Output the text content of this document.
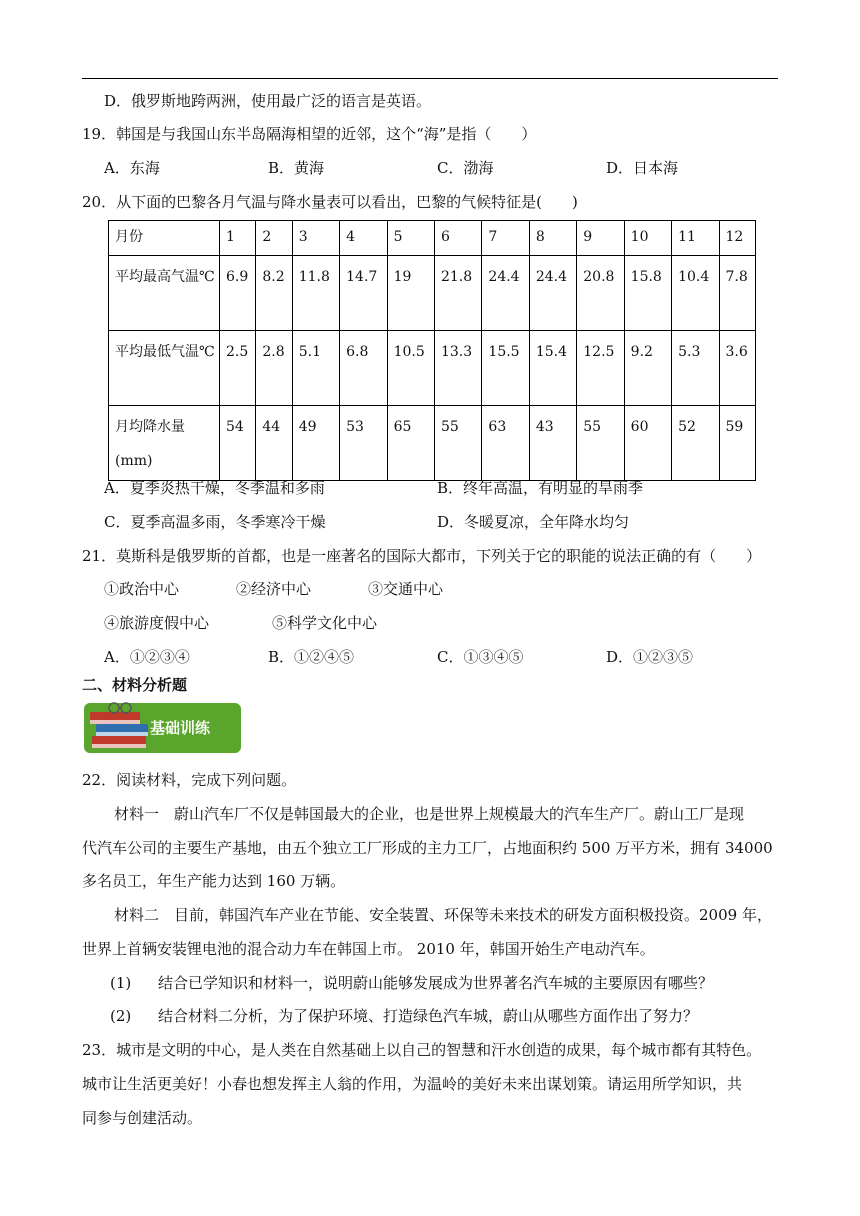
D．俄罗斯地跨两洲，使用最广泛的语言是英语。
19．韩国是与我国山东半岛隔海相望的近邻，这个“海”是指（　　）
A．东海	B．黄海	C．渤海	D．日本海
20．从下面的巴黎各月气温与降水量表可以看出，巴黎的气候特征是(　　)
月份	1	2	3	4	5	6	7	8	9	10	11	12
平均最高气温℃	6.9	8.2	11.8	14.7	19	21.8	24.4	24.4	20.8	15.8	10.4	7.8
平均最低气温℃	2.5	2.8	5.1	6.8	10.5	13.3	15.5	15.4	12.5	9.2	5.3	3.6
月均降水量(mm)	54	44	49	53	65	55	63	43	55	60	52	59
A．夏季炎热干燥，冬季温和多雨	B．终年高温，有明显的旱雨季
C．夏季高温多雨，冬季寒冷干燥	D．冬暖夏凉，全年降水均匀
21．莫斯科是俄罗斯的首都，也是一座著名的国际大都市，下列关于它的职能的说法正确的有（　　）
①政治中心	②经济中心	③交通中心
④旅游度假中心	⑤科学文化中心
A．①②③④	B．①②④⑤	C．①③④⑤	D．①②③⑤
二、材料分析题
基础训练
22．阅读材料，完成下列问题。
材料一　蔚山汽车厂不仅是韩国最大的企业，也是世界上规模最大的汽车生产厂。蔚山工厂是现
代汽车公司的主要生产基地，由五个独立工厂形成的主力工厂，占地面积约 500 万平方米，拥有 34000
多名员工，年生产能力达到 160 万辆。
材料二　目前，韩国汽车产业在节能、安全装置、环保等未来技术的研发方面积极投资。2009 年，
世界上首辆安装锂电池的混合动力车在韩国上市。 2010 年，韩国开始生产电动汽车。
(1) 结合已学知识和材料一，说明蔚山能够发展成为世界著名汽车城的主要原因有哪些？
(2) 结合材料二分析，为了保护环境、打造绿色汽车城，蔚山从哪些方面作出了努力？
23．城市是文明的中心，是人类在自然基础上以自己的智慧和汗水创造的成果，每个城市都有其特色。
城市让生活更美好！小春也想发挥主人翁的作用，为温岭的美好未来出谋划策。请运用所学知识，共
同参与创建活动。
